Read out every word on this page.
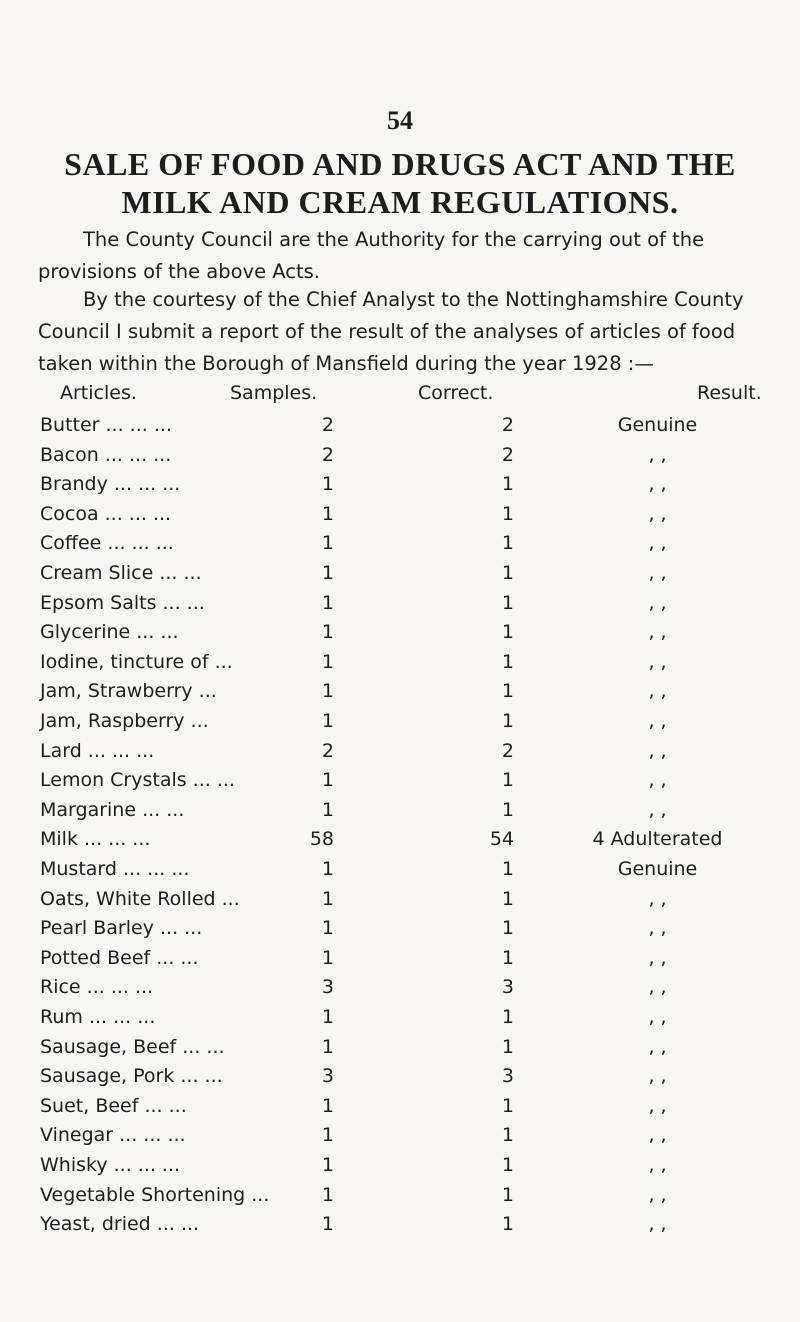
54
SALE OF FOOD AND DRUGS ACT AND THE
MILK AND CREAM REGULATIONS.
The County Council are the Authority for the carrying out of the provisions of the above Acts.
By the courtesy of the Chief Analyst to the Nottinghamshire County Council I submit a report of the result of the analyses of articles of food taken within the Borough of Mansfield during the year 1928 :—
Articles.	Samples.	Correct.	Result.
Butter ... ... ...	2	2	Genuine
Bacon ... ... ...	2	2	, ,
Brandy ... ... ...	1	1	, ,
Cocoa ... ... ...	1	1	, ,
Coffee ... ... ...	1	1	, ,
Cream Slice ... ...	1	1	, ,
Epsom Salts ... ...	1	1	, ,
Glycerine ... ...	1	1	, ,
Iodine, tincture of ...	1	1	, ,
Jam, Strawberry ...	1	1	, ,
Jam, Raspberry ...	1	1	, ,
Lard ... ... ...	2	2	, ,
Lemon Crystals ... ...	1	1	, ,
Margarine ... ...	1	1	, ,
Milk ... ... ...	58	54	4 Adulterated
Mustard ... ... ...	1	1	Genuine
Oats, White Rolled ...	1	1	, ,
Pearl Barley ... ...	1	1	, ,
Potted Beef ... ...	1	1	, ,
Rice ... ... ...	3	3	, ,
Rum ... ... ...	1	1	, ,
Sausage, Beef ... ...	1	1	, ,
Sausage, Pork ... ...	3	3	, ,
Suet, Beef ... ...	1	1	, ,
Vinegar ... ... ...	1	1	, ,
Whisky ... ... ...	1	1	, ,
Vegetable Shortening ...	1	1	, ,
Yeast, dried ... ...	1	1	, ,
